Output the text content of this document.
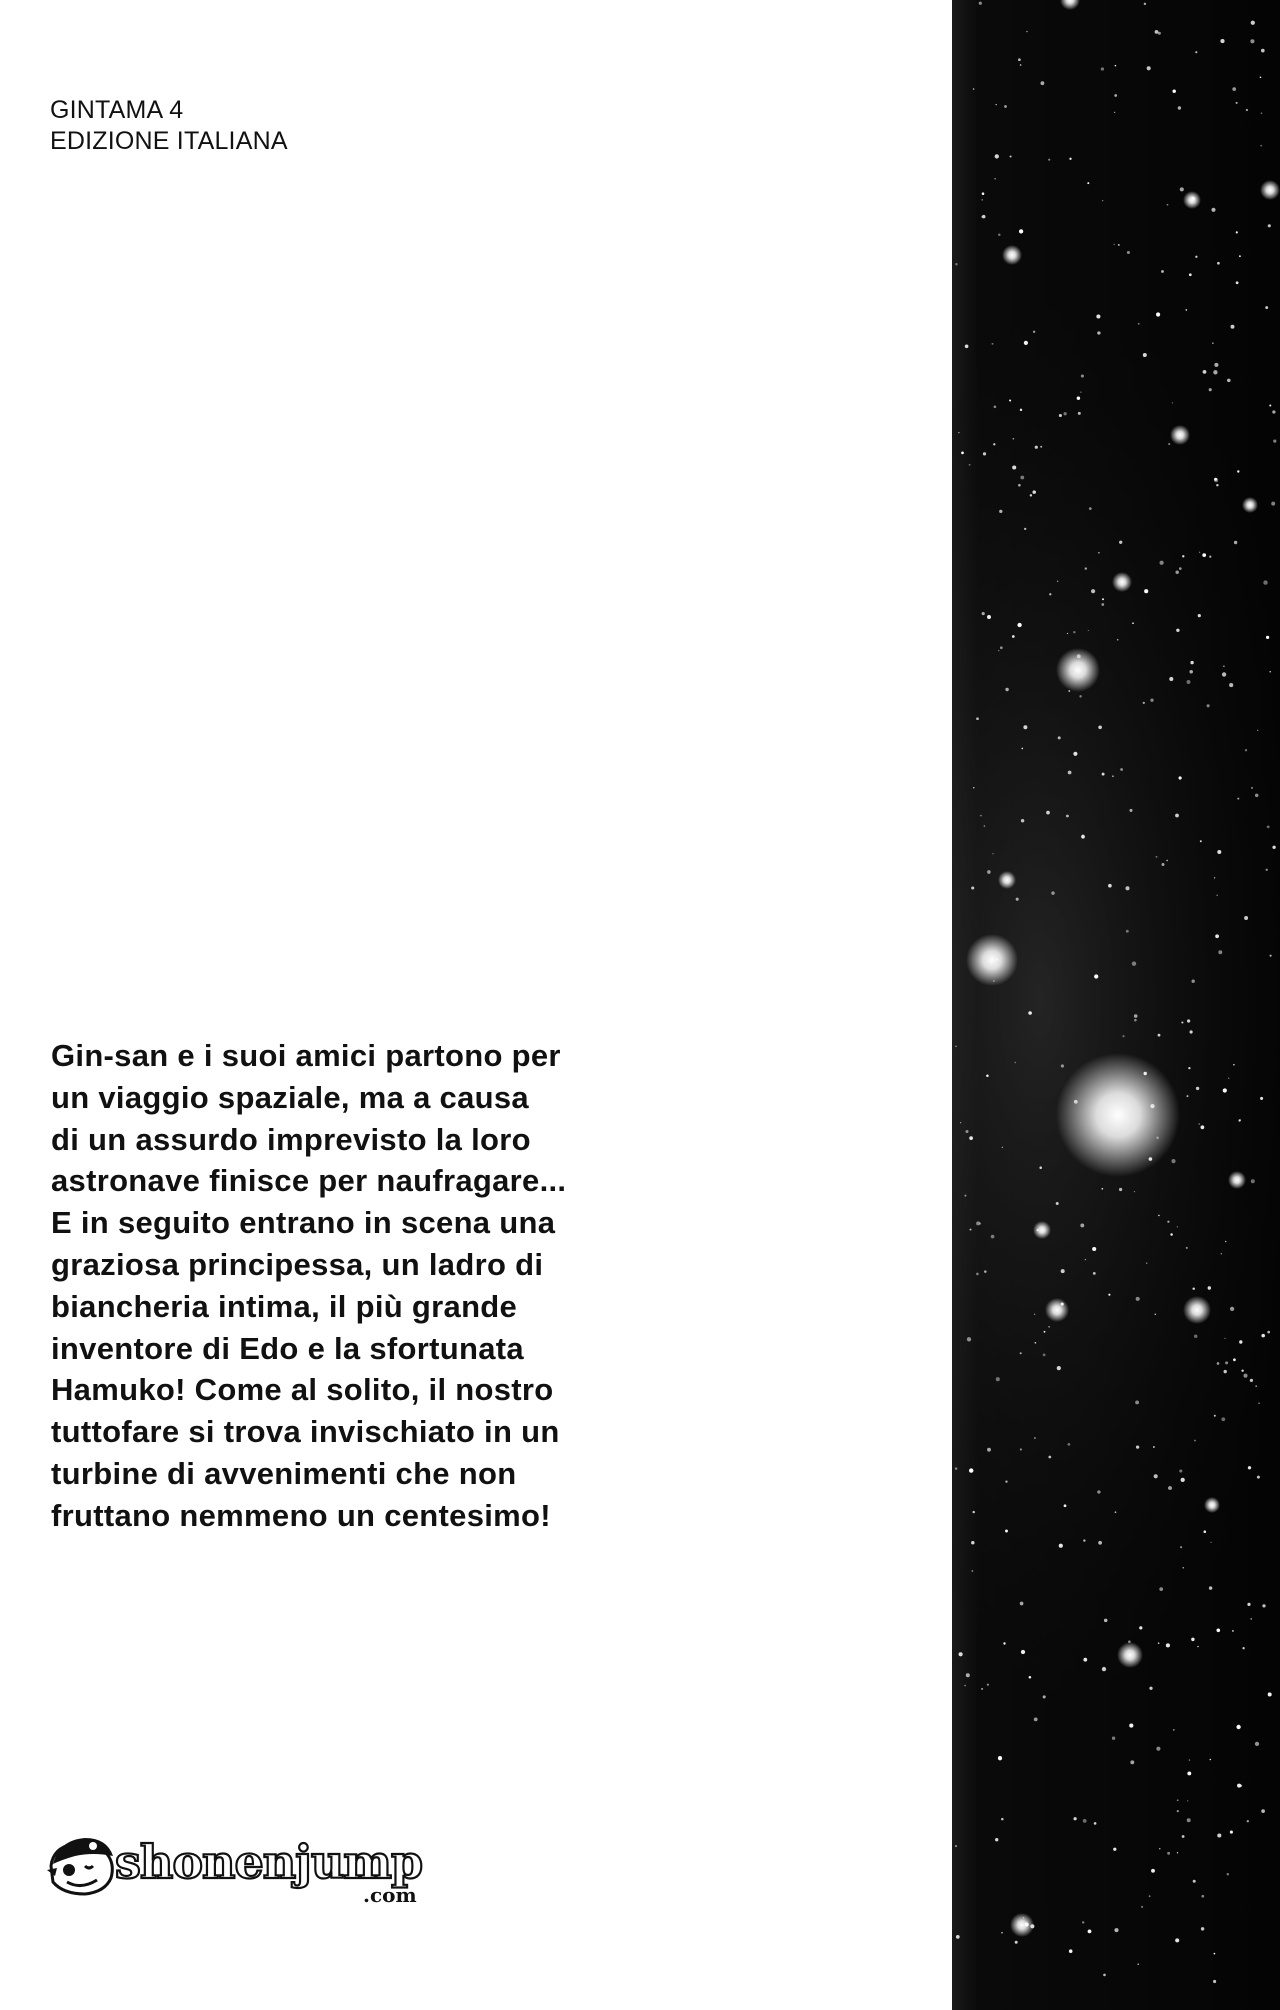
GINTAMA 4
EDIZIONE ITALIANA
Gin-san e i suoi amici partono per
un viaggio spaziale, ma a causa
di un assurdo imprevisto la loro
astronave finisce per naufragare...
E in seguito entrano in scena una
graziosa principessa, un ladro di
biancheria intima, il più grande
inventore di Edo e la sfortunata
Hamuko! Come al solito, il nostro
tuttofare si trova invischiato in un
turbine di avvenimenti che non
fruttano nemmeno un centesimo!
shonenjump
.com
